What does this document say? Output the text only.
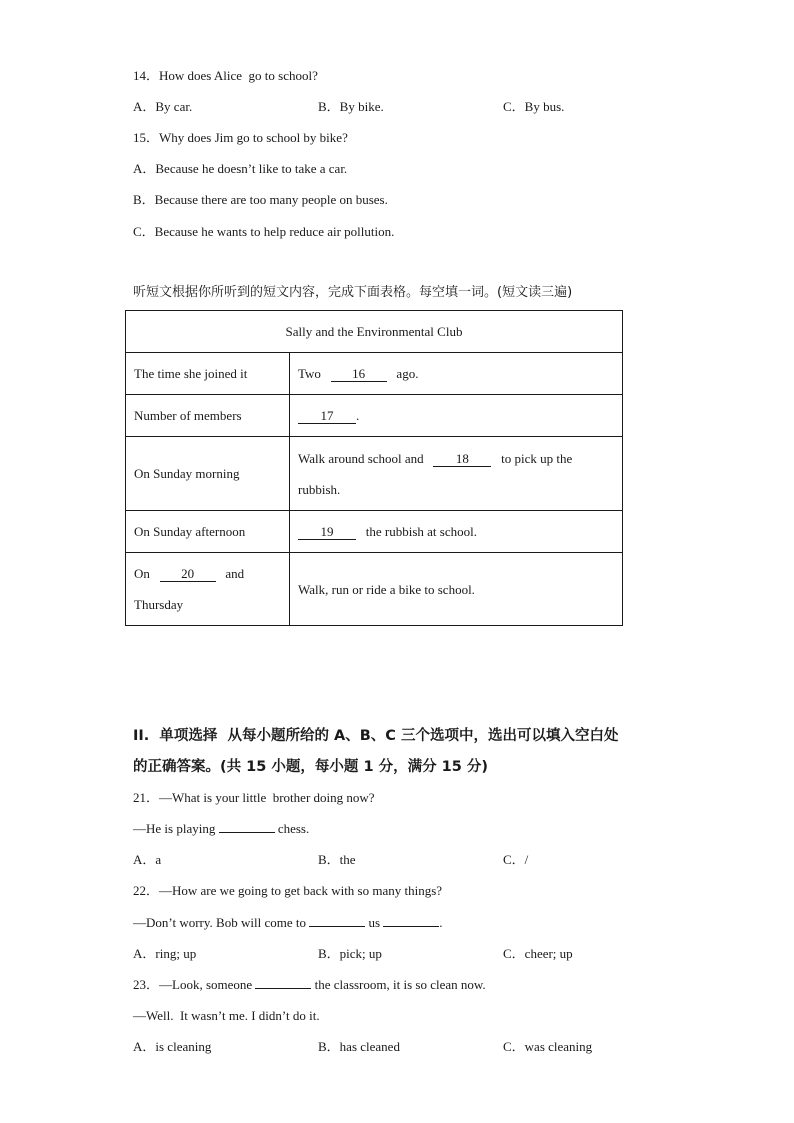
14．How does Alice  go to school?
A．By car.	B．By bike.	C．By bus.
15．Why does Jim go to school by bike?
A．Because he doesn’t like to take a car.
B．Because there are too many people on buses.
C．Because he wants to help reduce air pollution.
听短文根据你所听到的短文内容，完成下面表格。每空填一词。(短文读三遍)
Sally and the Environmental Club	
The time she joined it	Two 16 ago.
Number of members	17 .
On Sunday morning	Walk around school and 18 to pick up the
rubbish.
On Sunday afternoon	19 the rubbish at school.
On 20 and
Thursday	Walk, run or ride a bike to school.
II.  单项选择  从每小题所给的 A、B、C 三个选项中，选出可以填入空白处
的正确答案。(共 15 小题，每小题 1 分，满分 15 分)
21．—What is your little  brother doing now?
—He is playing	chess.
A．a	B．the	C．/
22．—How are we going to get back with so many things?
—Don’t worry. Bob will come to	us	.
A．ring; up	B．pick; up	C．cheer; up
23．—Look, someone	the classroom, it is so clean now.
—Well.  It wasn’t me. I didn’t do it.
A．is cleaning	B．has cleaned	C．was cleaning
